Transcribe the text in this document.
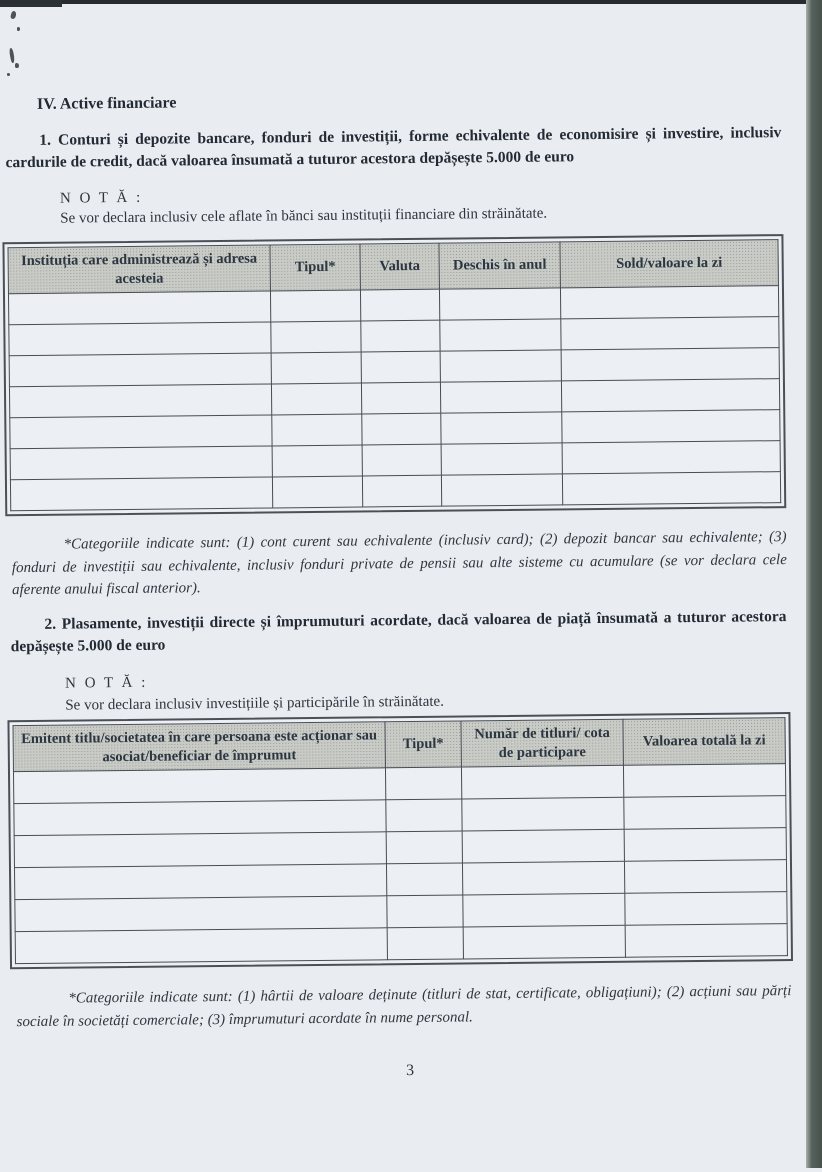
IV. Active financiare
1. Conturi și depozite bancare, fonduri de investiții, forme echivalente de economisire și investire, inclusiv cardurile de credit, dacă valoarea însumată a tuturor acestora depășește 5.000 de euro
N O T Ă :
Se vor declara inclusiv cele aflate în bănci sau instituții financiare din străinătate.
Instituția care administrează și adresa acesteia	Tipul*	Valuta	Deschis în anul	Sold/valoare la zi

*Categoriile indicate sunt: (1) cont curent sau echivalente (inclusiv card); (2) depozit bancar sau echivalente; (3) fonduri de investiții sau echivalente, inclusiv fonduri private de pensii sau alte sisteme cu acumulare (se vor declara cele aferente anului fiscal anterior).
2. Plasamente, investiții directe și împrumuturi acordate, dacă valoarea de piață însumată a tuturor acestora depășește 5.000 de euro
N O T Ă :
Se vor declara inclusiv investițiile și participările în străinătate.
Emitent titlu/societatea în care persoana este acționar sau asociat/beneficiar de împrumut	Tipul*	Număr de titluri/ cota de participare	Valoarea totală la zi

*Categoriile indicate sunt: (1) hârtii de valoare deținute (titluri de stat, certificate, obligațiuni); (2) acțiuni sau părți sociale în societăți comerciale; (3) împrumuturi acordate în nume personal.
3
